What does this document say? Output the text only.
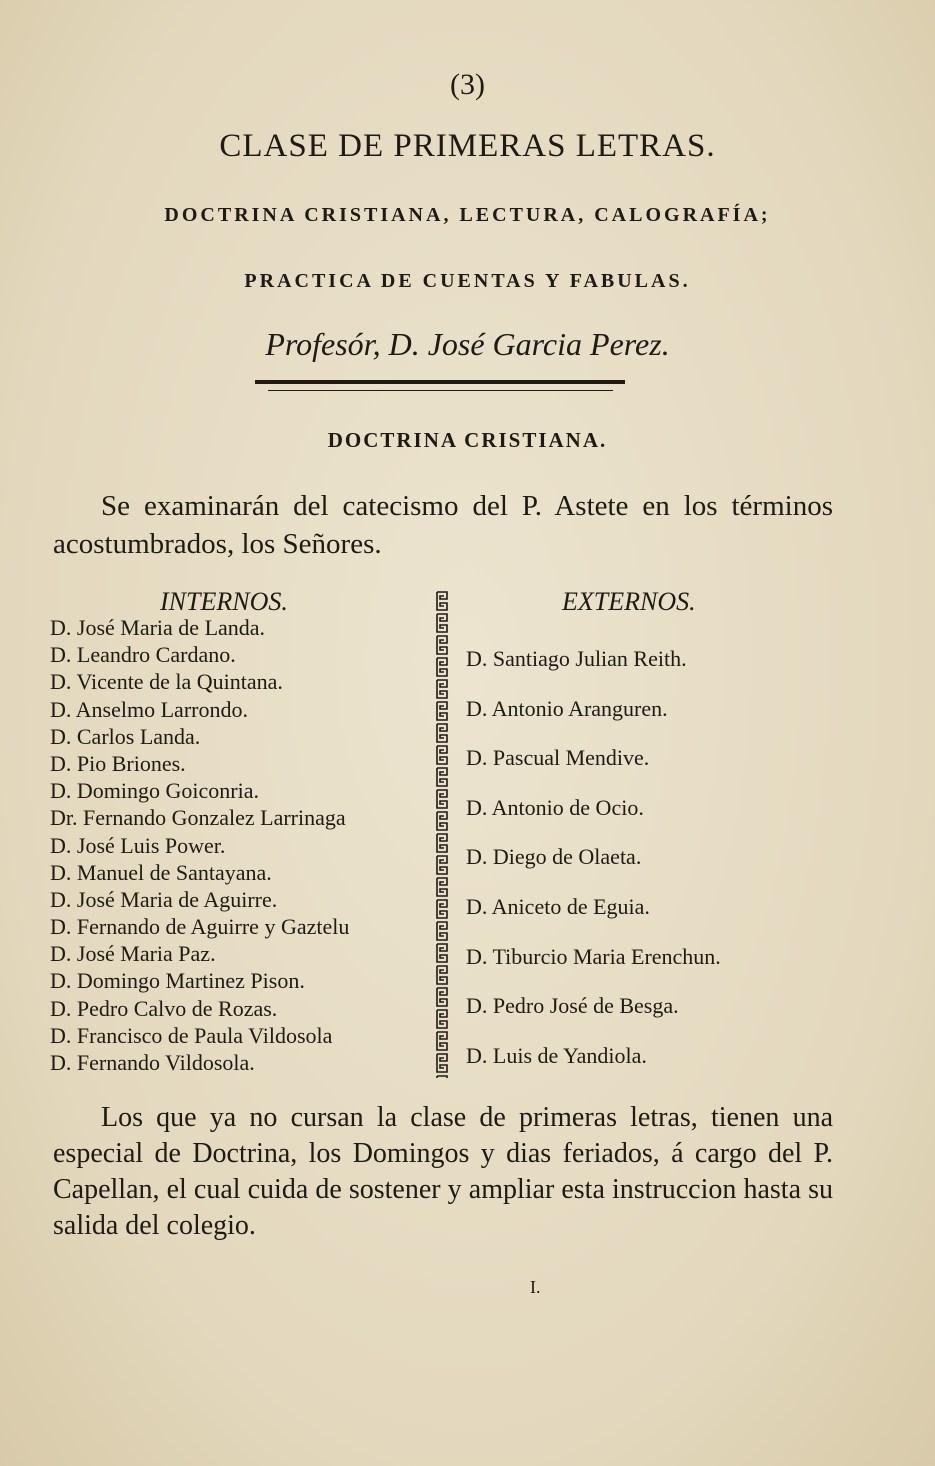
(3)
CLASE DE PRIMERAS LETRAS.
DOCTRINA CRISTIANA, LECTURA, CALOGRAFÍA;
PRACTICA DE CUENTAS Y FABULAS.
Profesór, D. José Garcia Perez.
DOCTRINA CRISTIANA.
Se examinarán del catecismo del P. Astete en los términos acostumbrados, los Señores.
INTERNOS.	EXTERNOS.
D. José Maria de Landa.
D. Leandro Cardano.
D. Vicente de la Quintana.
D. Anselmo Larrondo.
D. Carlos Landa.
D. Pio Briones.
D. Domingo Goiconria.
Dr. Fernando Gonzalez Larrinaga
D. José Luis Power.
D. Manuel de Santayana.
D. José Maria de Aguirre.
D. Fernando de Aguirre y Gaztelu
D. José Maria Paz.
D. Domingo Martinez Pison.
D. Pedro Calvo de Rozas.
D. Francisco de Paula Vildosola
D. Fernando Vildosola.
D. Santiago Julian Reith.
D. Antonio Aranguren.
D. Pascual Mendive.
D. Antonio de Ocio.
D. Diego de Olaeta.
D. Aniceto de Eguia.
D. Tiburcio Maria Erenchun.
D. Pedro José de Besga.
D. Luis de Yandiola.
Los que ya no cursan la clase de primeras letras, tienen una especial de Doctrina, los Domingos y dias feriados, á cargo del P. Capellan, el cual cuida de sostener y ampliar esta instruccion hasta su salida del colegio.
I.
